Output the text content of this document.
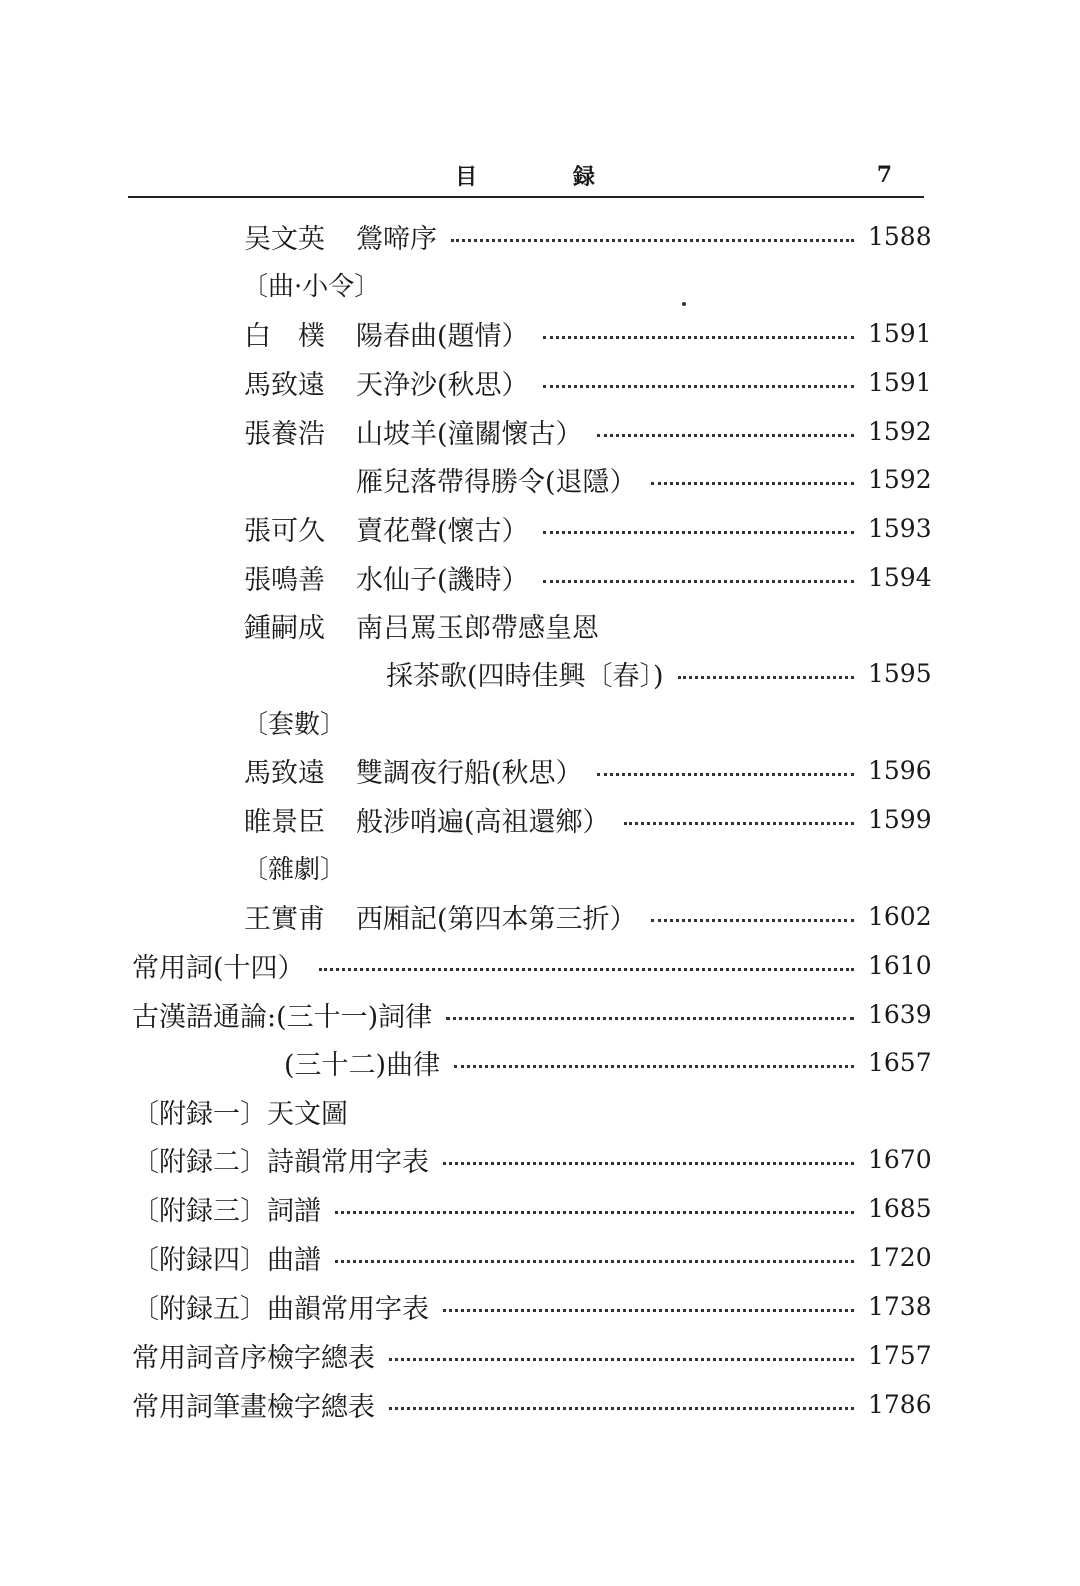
目 録	7
吴文英	鶯啼序	1588
〔曲·小令〕
白　樸	陽春曲(題情）	1591
馬致遠	天浄沙(秋思）	1591
張養浩	山坡羊(潼關懷古）	1592
雁兒落帶得勝令(退隱）	1592
張可久	賣花聲(懷古）	1593
張鳴善	水仙子(譏時）	1594
鍾嗣成	南吕罵玉郎帶感皇恩
採茶歌(四時佳興〔春〕)	1595
〔套數〕
馬致遠	雙調夜行船(秋思）	1596
睢景臣	般涉哨遍(高祖還鄉）	1599
〔雜劇〕
王實甫	西厢記(第四本第三折）	1602
常用詞(十四）	1610
古漢語通論:(三十一)詞律	1639
(三十二)曲律	1657
〔附録一〕天文圖
〔附録二〕詩韻常用字表	1670
〔附録三〕詞譜	1685
〔附録四〕曲譜	1720
〔附録五〕曲韻常用字表	1738
常用詞音序檢字總表	1757
常用詞筆畫檢字總表	1786
